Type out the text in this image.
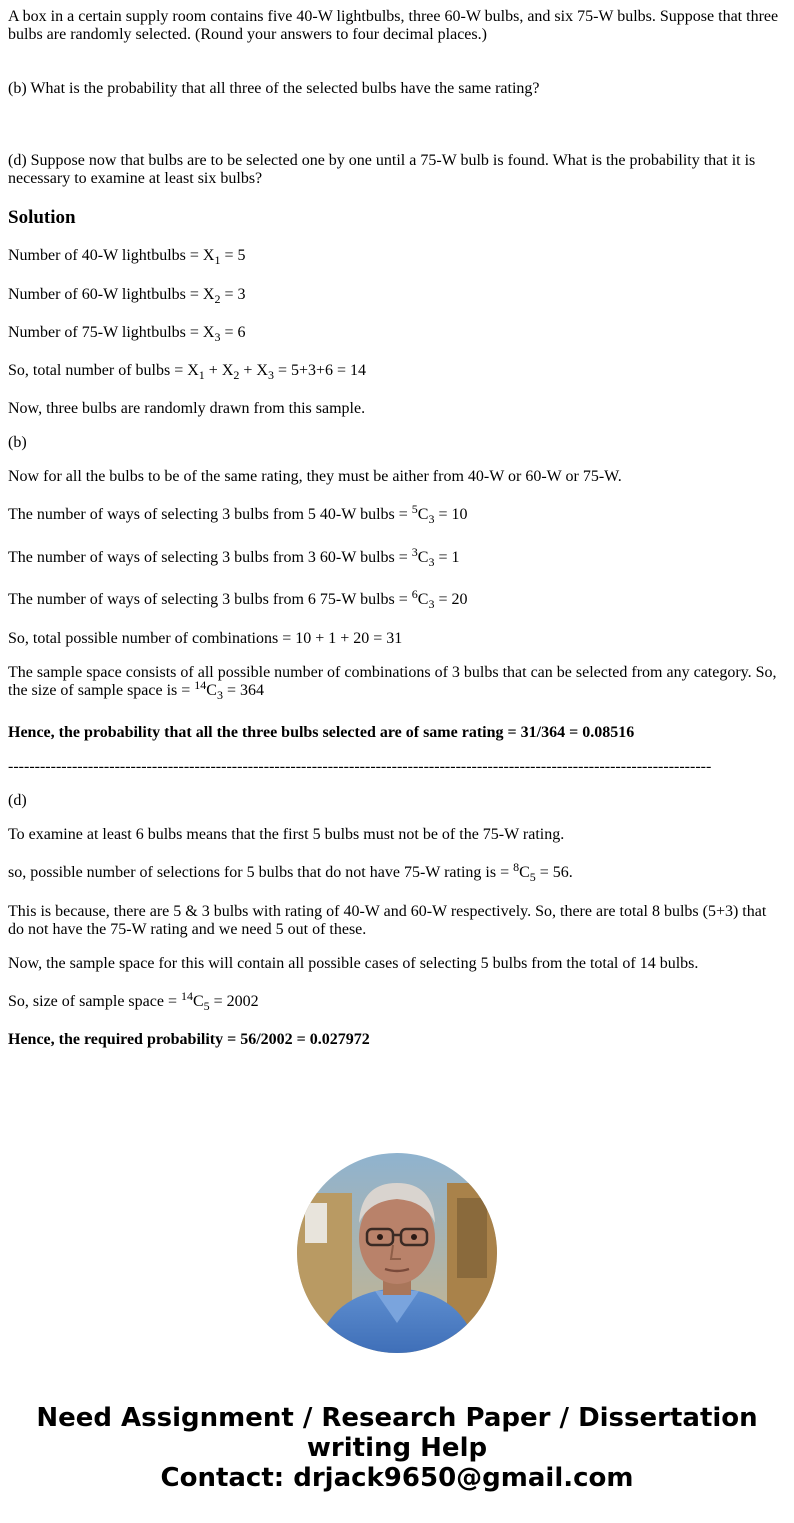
A box in a certain supply room contains five 40-W lightbulbs, three 60-W bulbs, and six 75-W bulbs. Suppose that three bulbs are randomly selected. (Round your answers to four decimal places.)

(b) What is the probability that all three of the selected bulbs have the same rating?

(d) Suppose now that bulbs are to be selected one by one until a 75-W bulb is found. What is the probability that it is necessary to examine at least six bulbs?

Solution

Number of 40-W lightbulbs = $X_1 = 5$

Number of 60-W lightbulbs = $X_2 = 3$

Number of 75-W lightbulbs = $X_3 = 6$

So, total number of bulbs = $X_1 + X_2 + X_3 = 5+3+6 = 14$

Now, three bulbs are randomly drawn from this sample.

(b)

Now for all the bulbs to be of the same rating, they must be aither from 40-W or 60-W or 75-W.

The number of ways of selecting 3 bulbs from 5 40-W bulbs = $^5C_3 = 10$

The number of ways of selecting 3 bulbs from 3 60-W bulbs = $^3C_3 = 1$

The number of ways of selecting 3 bulbs from 6 75-W bulbs = $^6C_3 = 20$

So, total possible number of combinations = 10 + 1 + 20 = 31

The sample space consists of all possible number of combinations of 3 bulbs that can be selected from any category. So, the size of sample space is = $^{14}C_3 = 364$

Hence, the probability that all the three bulbs selected are of same rating = 31/364 = 0.08516

------------------------------------------------------------------------------------------------------------------------------------

(d)

To examine at least 6 bulbs means that the first 5 bulbs must not be of the 75-W rating.

so, possible number of selections for 5 bulbs that do not have 75-W rating is = $^8C_5 = 56$.

This is because, there are 5 & 3 bulbs with rating of 40-W and 60-W respectively. So, there are total 8 bulbs (5+3) that do not have the 75-W rating and we need 5 out of these.

Now, the sample space for this will contain all possible cases of selecting 5 bulbs from the total of 14 bulbs.

So, size of sample space = $^{14}C_5 = 2002$

Hence, the required probability = 56/2002 = 0.027972

Need Assignment / Research Paper / Dissertation
writing Help
Contact: drjack9650@gmail.com
